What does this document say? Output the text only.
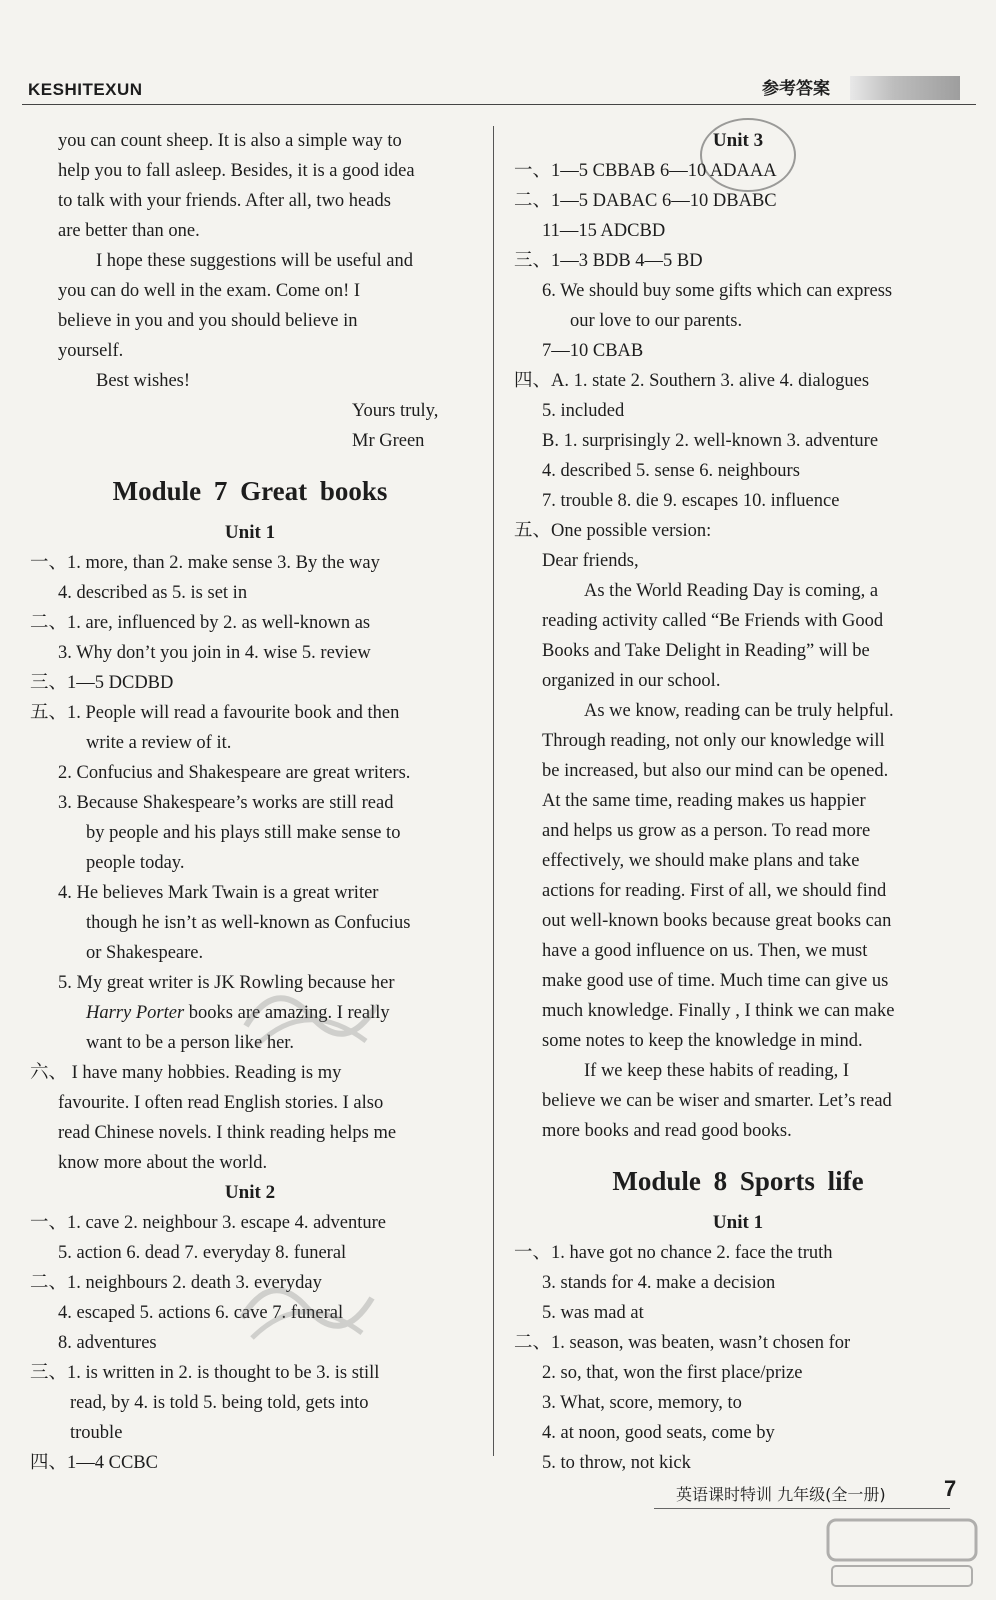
KESHITEXUN	参考答案
you can count sheep. It is also a simple way to
help you to fall asleep. Besides, it is a good idea
to talk with your friends. After all, two heads
are better than one.
I hope these suggestions will be useful and
you can do well in the exam. Come on! I
believe in you and you should believe in
yourself.
Best wishes!
Yours truly,
Mr Green
Module 7 Great books
Unit 1
一、1. more, than 2. make sense 3. By the way
4. described as 5. is set in
二、1. are, influenced by 2. as well-known as
3. Why don’t you join in 4. wise 5. review
三、1—5 DCDBD
五、1. People will read a favourite book and then
write a review of it.
2. Confucius and Shakespeare are great writers.
3. Because Shakespeare’s works are still read
by people and his plays still make sense to
people today.
4. He believes Mark Twain is a great writer
though he isn’t as well-known as Confucius
or Shakespeare.
5. My great writer is JK Rowling because her
Harry Porter books are amazing. I really
want to be a person like her.
六、 I have many hobbies. Reading is my
favourite. I often read English stories. I also
read Chinese novels. I think reading helps me
know more about the world.
Unit 2
一、1. cave 2. neighbour 3. escape 4. adventure
5. action 6. dead 7. everyday 8. funeral
二、1. neighbours 2. death 3. everyday
4. escaped 5. actions 6. cave 7. funeral
8. adventures
三、1. is written in 2. is thought to be 3. is still
read, by 4. is told 5. being told, gets into
trouble
四、1—4 CCBC
Unit 3
一、1—5 CBBAB 6—10 ADAAA
二、1—5 DABAC 6—10 DBABC
11—15 ADCBD
三、1—3 BDB 4—5 BD
6. We should buy some gifts which can express
our love to our parents.
7—10 CBAB
四、A. 1. state 2. Southern 3. alive 4. dialogues
5. included
B. 1. surprisingly 2. well-known 3. adventure
4. described 5. sense 6. neighbours
7. trouble 8. die 9. escapes 10. influence
五、One possible version:
Dear friends,
As the World Reading Day is coming, a
reading activity called “Be Friends with Good
Books and Take Delight in Reading” will be
organized in our school.
As we know, reading can be truly helpful.
Through reading, not only our knowledge will
be increased, but also our mind can be opened.
At the same time, reading makes us happier
and helps us grow as a person. To read more
effectively, we should make plans and take
actions for reading. First of all, we should find
out well-known books because great books can
have a good influence on us. Then, we must
make good use of time. Much time can give us
much knowledge. Finally , I think we can make
some notes to keep the knowledge in mind.
If we keep these habits of reading, I
believe we can be wiser and smarter. Let’s read
more books and read good books.
Module 8 Sports life
Unit 1
一、1. have got no chance 2. face the truth
3. stands for 4. make a decision
5. was mad at
二、1. season, was beaten, wasn’t chosen for
2. so, that, won the first place/prize
3. What, score, memory, to
4. at noon, good seats, come by
5. to throw, not kick
英语课时特训 九年级(全一册)	7
